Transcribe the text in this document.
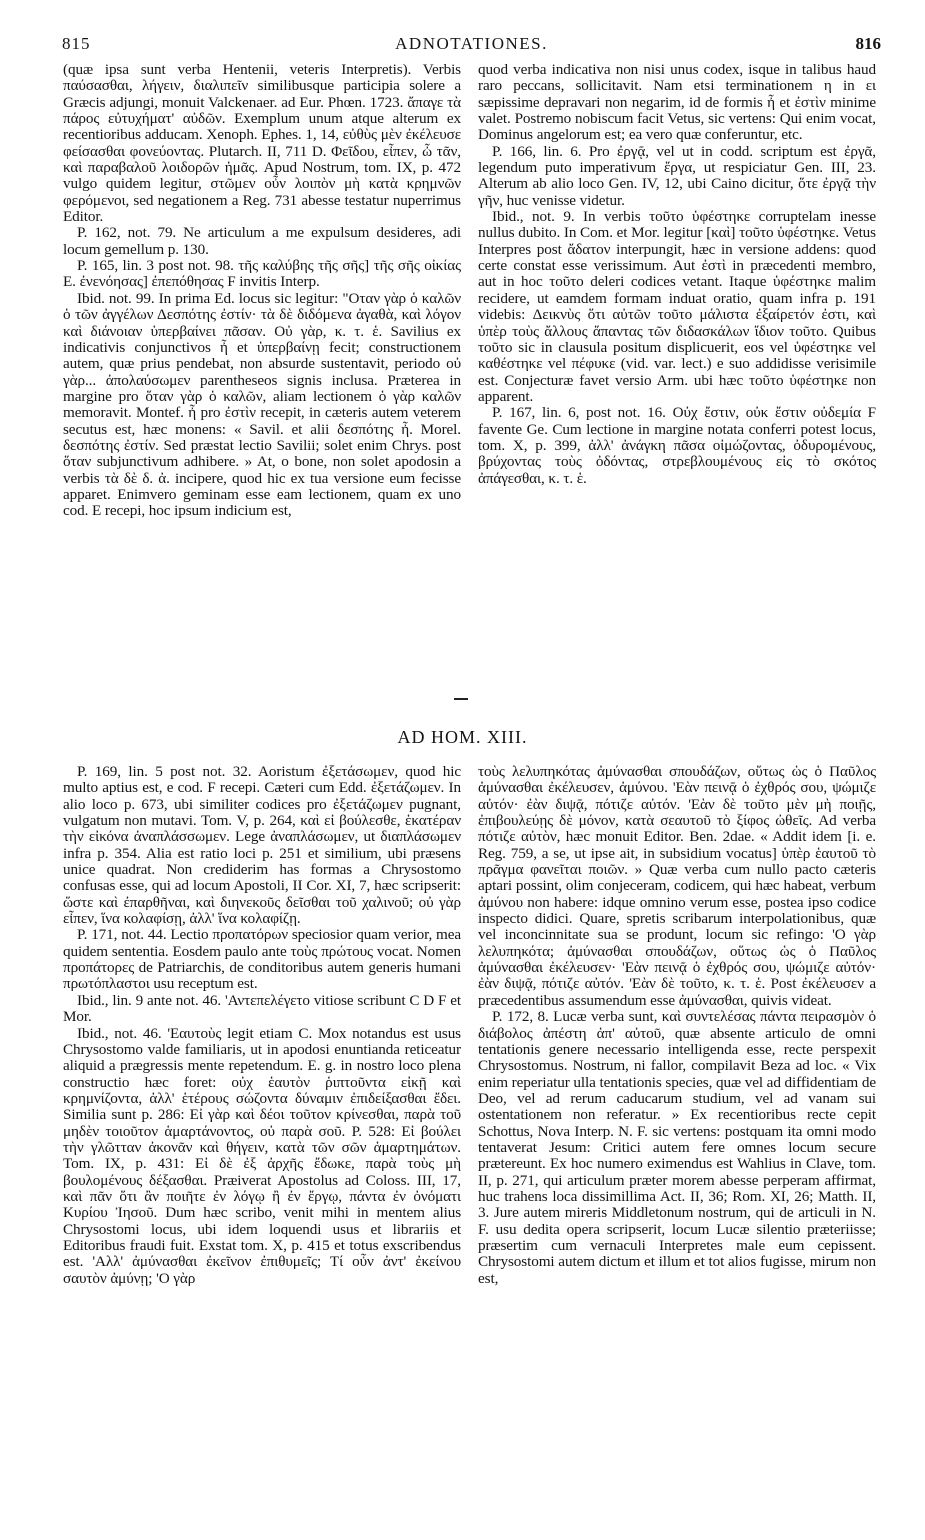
815	ADNOTATIONES.	816

(quæ ipsa sunt verba Hentenii, veteris Interpretis). Verbis παύσασθαι, λήγειν, διαλιπεῖν similibusque participia solere a Græcis adjungi, monuit Valckenaer. ad Eur. Phœn. 1723. ἄπαγε τὰ πάρος εὐτυχήματ' αὐδῶν. Exemplum unum atque alterum ex recentioribus adducam. Xenoph. Ephes. 1, 14, εὐθὺς μὲν ἐκέλευσε φείσασθαι φονεύοντας. Plutarch. II, 711 D. Φεῖδου, εἶπεν, ὦ τᾶν, καὶ παραβαλοῦ λοιδορῶν ἡμᾶς. Apud Nostrum, tom. IX, p. 472 vulgo quidem legitur, στῶμεν οὖν λοιπὸν μὴ κατὰ κρημνῶν φερόμενοι, sed negationem a Reg. 731 abesse testatur nuperrimus Editor.

P. 162, not. 79. Ne articulum a me expulsum desideres, adi locum gemellum p. 130.

P. 165, lin. 3 post not. 98. τῆς καλύβης τῆς σῆς] τῆς σῆς οἰκίας E. ἐνενόησας] ἐπεπόθησας F invitis Interp.

Ibid. not. 99. In prima Ed. locus sic legitur: "Οταν γὰρ ὁ καλῶν ὁ τῶν ἀγγέλων Δεσπότης ἐστίν· τὰ δὲ διδόμενα ἀγαθὰ, καὶ λόγον καὶ διάνοιαν ὑπερβαίνει πᾶσαν. Οὐ γὰρ, κ. τ. ἑ. Savilius ex indicativis conjunctivos ἦ et ὑπερβαίνῃ fecit; constructionem autem, quæ prius pendebat, non absurde sustentavit, periodo οὐ γὰρ... ἀπολαύσωμεν parentheseos signis inclusa. Præterea in margine pro ὅταν γὰρ ὁ καλῶν, aliam lectionem ὁ γὰρ καλῶν memoravit. Montef. ἦ pro ἐστὶν recepit, in cæteris autem veterem secutus est, hæc monens: « Savil. et alii δεσπότης ἦ. Morel. δεσπότης ἐστίν. Sed præstat lectio Savilii; solet enim Chrys. post ὅταν subjunctivum adhibere. » At, o bone, non solet apodosin a verbis τὰ δὲ δ. ἀ. incipere, quod hic ex tua versione eum fecisse apparet. Enimvero geminam esse eam lectionem, quam ex uno cod. E recepi, hoc ipsum indicium est,

quod verba indicativa non nisi unus codex, isque in talibus haud raro peccans, sollicitavit. Nam etsi terminationem η in ει sæpissime depravari non negarim, id de formis ἦ et ἐστὶν minime valet. Postremo nobiscum facit Vetus, sic vertens: Qui enim vocat, Dominus angelorum est; ea vero quæ conferuntur, etc.

P. 166, lin. 6. Pro ἐργᾷ, vel ut in codd. scriptum est ἐργᾶ, legendum puto imperativum ἔργα, ut respiciatur Gen. III, 23. Alterum ab alio loco Gen. IV, 12, ubi Caino dicitur, ὅτε ἐργᾷ τὴν γῆν, huc venisse videtur.

Ibid., not. 9. In verbis τοῦτο ὑφέστηκε corruptelam inesse nullus dubito. In Com. et Mor. legitur [καὶ] τοῦτο ὑφέστηκε. Vetus Interpres post ἄδατον interpungit, hæc in versione addens: quod certe constat esse verissimum. Aut ἐστὶ in præcedenti membro, aut in hoc τοῦτο deleri codices vetant. Itaque ὑφέστηκε malim recidere, ut eamdem formam induat oratio, quam infra p. 191 videbis: Δεικνὺς ὅτι αὐτῶν τοῦτο μάλιστα ἐξαίρετόν ἐστι, καὶ ὑπὲρ τοὺς ἄλλους ἅπαντας τῶν διδασκάλων ἴδιον τοῦτο. Quibus τοῦτο sic in clausula positum displicuerit, eos vel ὑφέστηκε vel καθέστηκε vel πέφυκε (vid. var. lect.) e suo addidisse verisimile est. Conjecturæ favet versio Arm. ubi hæc τοῦτο ὑφέστηκε non apparent.

P. 167, lin. 6, post not. 16. Οὐχ ἔστιν, οὐκ ἔστιν οὐδεμία F favente Ge. Cum lectione in margine notata conferri potest locus, tom. X, p. 399, ἀλλ' ἀνάγκη πᾶσα οἰμώζοντας, ὀδυρομένους, βρύχοντας τοὺς ὀδόντας, στρεβλουμένους εἰς τὸ σκότος ἀπάγεσθαι, κ. τ. ἑ.

AD HOM. XIII.

P. 169, lin. 5 post not. 32. Aoristum ἐξετάσωμεν, quod hic multo aptius est, e cod. F recepi. Cæteri cum Edd. ἐξετάζωμεν. In alio loco p. 673, ubi similiter codices pro ἐξετάζωμεν pugnant, vulgatum non mutavi. Tom. V, p. 264, καὶ εἰ βούλεσθε, ἑκατέραν τὴν εἰκόνα ἀναπλάσσωμεν. Lege ἀναπλάσωμεν, ut διαπλάσωμεν infra p. 354. Alia est ratio loci p. 251 et similium, ubi præsens unice quadrat. Non crediderim has formas a Chrysostomo confusas esse, qui ad locum Apostoli, II Cor. XI, 7, hæc scripserit: ὥστε καὶ ἐπαρθῆναι, καὶ διηνεκοῦς δεῖσθαι τοῦ χαλινοῦ; οὐ γὰρ εἶπεν, ἵνα κολαφίσῃ, ἀλλ' ἵνα κολαφίζῃ.

P. 171, not. 44. Lectio προπατόρων speciosior quam verior, mea quidem sententia. Eosdem paulo ante τοὺς πρώτους vocat. Nomen προπάτορες de Patriarchis, de conditoribus autem generis humani πρωτόπλαστοι usu receptum est.

Ibid., lin. 9 ante not. 46. 'Αντεπελέγετο vitiose scribunt C D F et Mor.

Ibid., not. 46. 'Εαυτοὺς legit etiam C. Mox notandus est usus Chrysostomo valde familiaris, ut in apodosi enuntianda reticeatur aliquid a prægressis mente repetendum. E. g. in nostro loco plena constructio hæc foret: οὐχ ἑαυτὸν ῥιπτοῦντα εἰκῇ καὶ κρημνίζοντα, ἀλλ' ἑτέρους σώζοντα δύναμιν ἐπιδείξασθαι ἔδει. Similia sunt p. 286: Εἰ γὰρ καὶ δέοι τοῦτον κρίνεσθαι, παρὰ τοῦ μηδὲν τοιοῦτον ἁμαρτάνοντος, οὐ παρὰ σοῦ. P. 528: Εἰ βούλει τὴν γλῶτταν ἀκονᾶν καὶ θήγειν, κατὰ τῶν σῶν ἁμαρτημάτων. Tom. IX, p. 431: Εἰ δὲ ἐξ ἀρχῆς ἔδωκε, παρὰ τοὺς μὴ βουλομένους δέξασθαι. Præiverat Apostolus ad Coloss. III, 17, καὶ πᾶν ὅτι ἂν ποιῆτε ἐν λόγῳ ἢ ἐν ἔργῳ, πάντα ἐν ὀνόματι Κυρίου Ἰησοῦ. Dum hæc scribo, venit mihi in mentem alius Chrysostomi locus, ubi idem loquendi usus et librariis et Editoribus fraudi fuit. Exstat tom. X, p. 415 et totus exscribendus est. 'Αλλ' ἀμύνασθαι ἐκεῖνον ἐπιθυμεῖς; Τί οὖν ἀντ' ἐκείνου σαυτὸν ἀμύνῃ; 'Ο γὰρ

τοὺς λελυπηκότας ἀμύνασθαι σπουδάζων, οὕτως ὡς ὁ Παῦλος ἀμύνασθαι ἐκέλευσεν, ἀμύνου. 'Εὰν πεινᾷ ὁ ἐχθρός σου, ψώμιζε αὐτόν· ἐὰν διψᾷ, πότιζε αὐτόν. 'Εὰν δὲ τοῦτο μὲν μὴ ποιῇς, ἐπιβουλεύῃς δὲ μόνον, κατὰ σεαυτοῦ τὸ ξίφος ὠθεῖς. Ad verba πότιζε αὐτὸν, hæc monuit Editor. Ben. 2dae. « Addit idem [i. e. Reg. 759, a se, ut ipse ait, in subsidium vocatus] ὑπὲρ ἑαυτοῦ τὸ πρᾶγμα φανεῖται ποιῶν. » Quæ verba cum nullo pacto cæteris aptari possint, olim conjeceram, codicem, qui hæc habeat, verbum ἀμύνου non habere: idque omnino verum esse, postea ipso codice inspecto didici. Quare, spretis scribarum interpolationibus, quæ vel inconcinnitate sua se produnt, locum sic refingo: 'Ο γὰρ λελυπηκότα; ἀμύνασθαι σπουδάζων, οὕτως ὡς ὁ Παῦλος ἀμύνασθαι ἐκέλευσεν· 'Εὰν πεινᾷ ὁ ἐχθρός σου, ψώμιζε αὐτόν· ἐὰν διψᾷ, πότιζε αὐτόν. 'Εὰν δὲ τοῦτο, κ. τ. ἑ. Post ἐκέλευσεν a præcedentibus assumendum esse ἀμύνασθαι, quivis videat.

P. 172, 8. Lucæ verba sunt, καὶ συντελέσας πάντα πειρασμὸν ὁ διάβολος ἀπέστη ἀπ' αὐτοῦ, quæ absente articulo de omni tentationis genere necessario intelligenda esse, recte perspexit Chrysostomus. Nostrum, ni fallor, compilavit Beza ad loc. « Vix enim reperiatur ulla tentationis species, quæ vel ad diffidentiam de Deo, vel ad rerum caducarum studium, vel ad vanam sui ostentationem non referatur. » Ex recentioribus recte cepit Schottus, Nova Interp. N. F. sic vertens: postquam ita omni modo tentaverat Jesum: Critici autem fere omnes locum secure prætereunt. Ex hoc numero eximendus est Wahlius in Clave, tom. II, p. 271, qui articulum præter morem abesse perperam affirmat, huc trahens loca dissimillima Act. II, 36; Rom. XI, 26; Matth. II, 3. Jure autem mireris Middletonum nostrum, qui de articuli in N. F. usu dedita opera scripserit, locum Lucæ silentio præteriisse; præsertim cum vernaculi Interpretes male eum cepissent. Chrysostomi autem dictum et illum et tot alios fugisse, mirum non est,
